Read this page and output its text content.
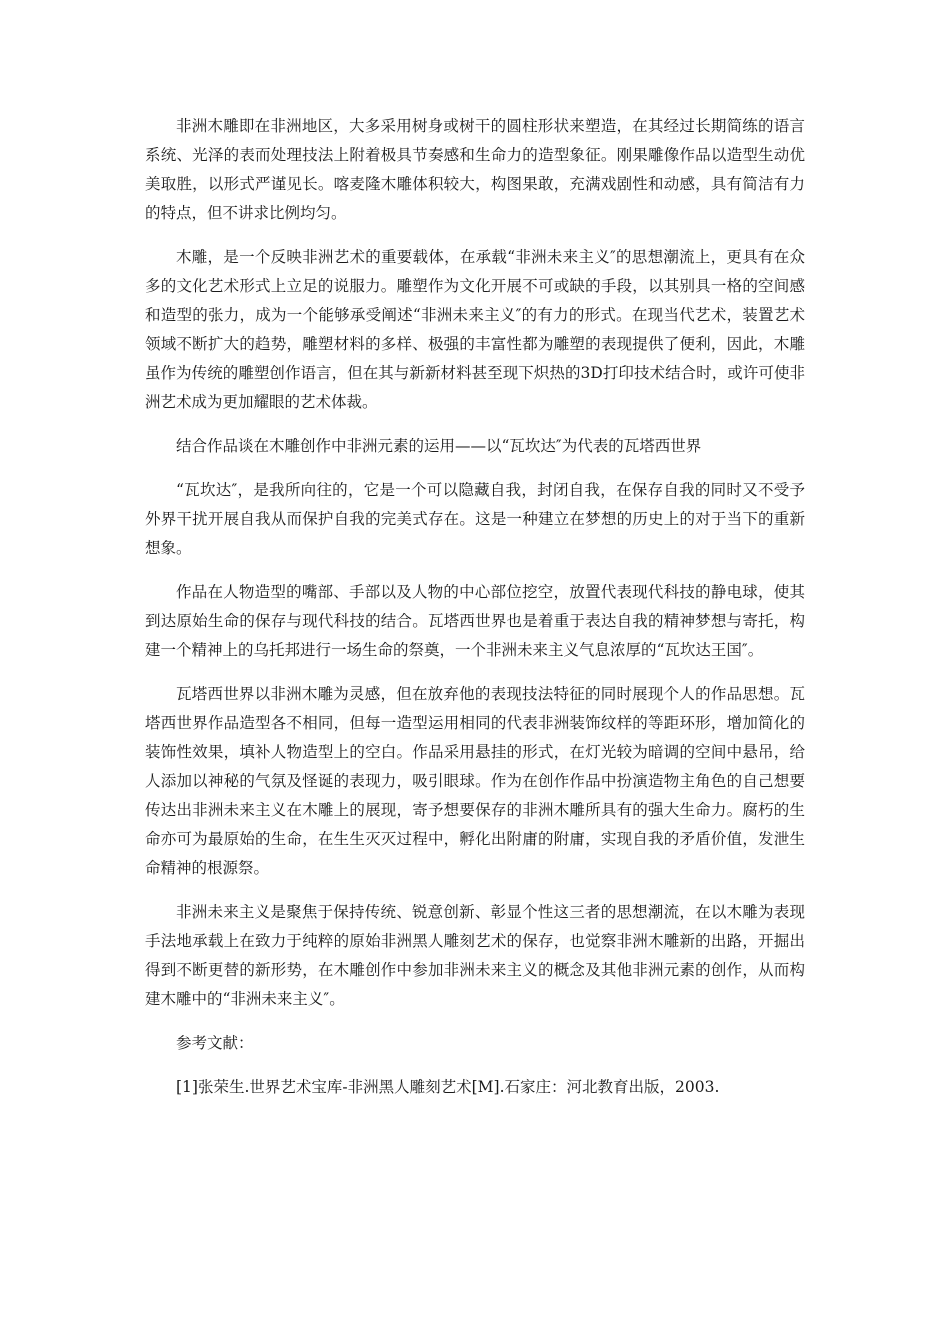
非洲木雕即在非洲地区，大多采用树身或树干的圆柱形状来塑造，在其经过长期简练的语言系统、光泽的表而处理技法上附着极具节奏感和生命力的造型象征。刚果雕像作品以造型生动优美取胜，以形式严谨见长。喀麦隆木雕体积较大，构图果敢，充满戏剧性和动感，具有简洁有力的特点，但不讲求比例均匀。

木雕，是一个反映非洲艺术的重要载体，在承载“非洲未来主义″的思想潮流上，更具有在众多的文化艺术形式上立足的说服力。雕塑作为文化开展不可或缺的手段，以其别具一格的空间感和造型的张力，成为一个能够承受阐述“非洲未来主义″的有力的形式。在现当代艺术，装置艺术领域不断扩大的趋势，雕塑材料的多样、极强的丰富性都为雕塑的表现提供了便利，因此，木雕虽作为传统的雕塑创作语言，但在其与新新材料甚至现下炽热的3D打印技术结合时，或许可使非洲艺术成为更加耀眼的艺术体裁。

结合作品谈在木雕创作中非洲元素的运用——以“瓦坎达″为代表的瓦塔西世界

“瓦坎达″，是我所向往的，它是一个可以隐藏自我，封闭自我，在保存自我的同时又不受予外界干扰开展自我从而保护自我的完美式存在。这是一种建立在梦想的历史上的对于当下的重新想象。

作品在人物造型的嘴部、手部以及人物的中心部位挖空，放置代表现代科技的静电球，使其到达原始生命的保存与现代科技的结合。瓦塔西世界也是着重于表达自我的精神梦想与寄托，构建一个精神上的乌托邦进行一场生命的祭奠，一个非洲未来主义气息浓厚的“瓦坎达王国″。

瓦塔西世界以非洲木雕为灵感，但在放弃他的表现技法特征的同时展现个人的作品思想。瓦塔西世界作品造型各不相同，但每一造型运用相同的代表非洲装饰纹样的等距环形，增加简化的装饰性效果，填补人物造型上的空白。作品采用悬挂的形式，在灯光较为暗调的空间中悬吊，给人添加以神秘的气氛及怪诞的表现力，吸引眼球。作为在创作作品中扮演造物主角色的自己想要传达出非洲未来主义在木雕上的展现，寄予想要保存的非洲木雕所具有的强大生命力。腐朽的生命亦可为最原始的生命，在生生灭灭过程中，孵化出附庸的附庸，实现自我的矛盾价值，发泄生命精神的根源祭。

非洲未来主义是聚焦于保持传统、锐意创新、彰显个性这三者的思想潮流，在以木雕为表现手法地承载上在致力于纯粹的原始非洲黑人雕刻艺术的保存，也觉察非洲木雕新的出路，开掘出得到不断更替的新形势，在木雕创作中参加非洲未来主义的概念及其他非洲元素的创作，从而构建木雕中的“非洲未来主义″。

参考文献：

[1]张荣生.世界艺术宝库-非洲黑人雕刻艺术[M].石家庄：河北教育出版，2003.
